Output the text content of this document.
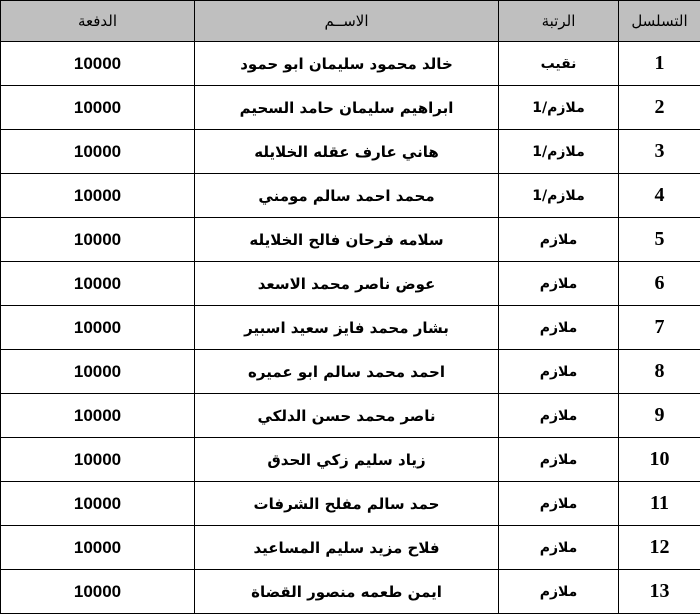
التسلسل	الرتبة	الاســم	الدفعة
1	نقيب	خالد محمود سليمان ابو حمود	10000
2	ملازم/1	ابراهيم سليمان حامد السحيم	10000
3	ملازم/1	هاني عارف عقله الخلايله	10000
4	ملازم/1	محمد احمد سالم مومني	10000
5	ملازم	سلامه فرحان فالح الخلايله	10000
6	ملازم	عوض ناصر محمد الاسعد	10000
7	ملازم	بشار محمد فايز سعيد اسبير	10000
8	ملازم	احمد محمد سالم ابو عميره	10000
9	ملازم	ناصر محمد حسن الدلكي	10000
10	ملازم	زياد سليم زكي الحدق	10000
11	ملازم	حمد سالم مفلح الشرفات	10000
12	ملازم	فلاح مزيد سليم المساعيد	10000
13	ملازم	ايمن طعمه منصور القضاة	10000
